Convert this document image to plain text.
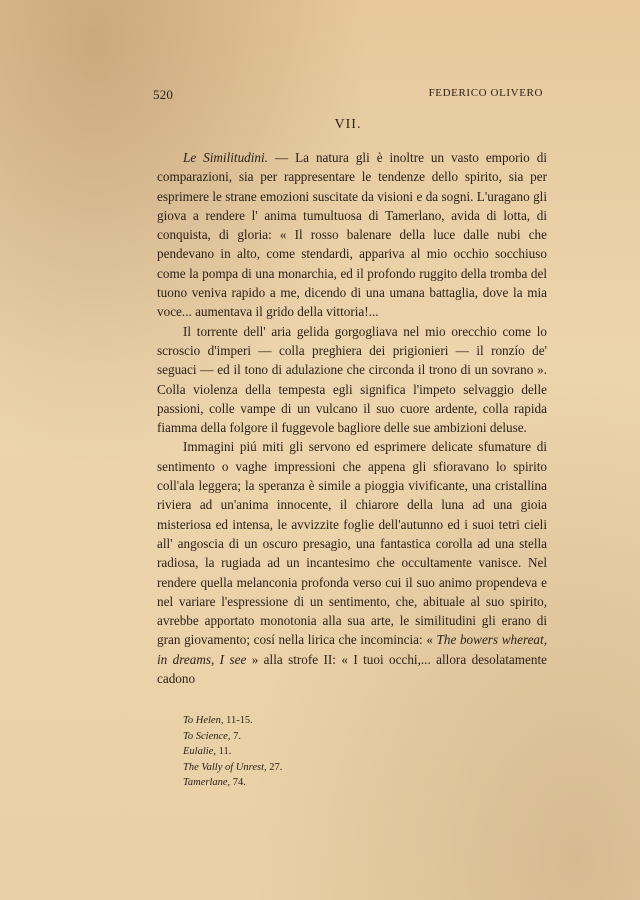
520	FEDERICO OLIVERO
VII.

Le Similitudini. — La natura gli è inoltre un vasto emporio di comparazioni, sia per rappresentare le tendenze dello spirito, sia per esprimere le strane emozioni suscitate da visioni e da sogni. L'uragano gli giova a rendere l' anima tumultuosa di Tamerlano, avida di lotta, di conquista, di gloria: « Il rosso balenare della luce dalle nubi che pendevano in alto, come stendardi, appariva al mio occhio socchiuso come la pompa di una monarchia, ed il profondo ruggito della tromba del tuono veniva rapido a me, dicendo di una umana battaglia, dove la mia voce... aumentava il grido della vittoria!...

Il torrente dell' aria gelida gorgogliava nel mio orecchio come lo scroscio d'imperi — colla preghiera dei prigionieri — il ronzío de' seguaci — ed il tono di adulazione che circonda il trono di un sovrano ». Colla violenza della tempesta egli significa l'impeto selvaggio delle passioni, colle vampe di un vulcano il suo cuore ardente, colla rapida fiamma della folgore il fuggevole bagliore delle sue ambizioni deluse.

Immagini piú miti gli servono ed esprimere delicate sfumature di sentimento o vaghe impressioni che appena gli sfioravano lo spirito coll'ala leggera; la speranza è simile a pioggia vivificante, una cristallina riviera ad un'anima innocente, il chiarore della luna ad una gioia misteriosa ed intensa, le avvizzite foglie dell'autunno ed i suoi tetri cieli all' angoscia di un oscuro presagio, una fantastica corolla ad una stella radiosa, la rugiada ad un incantesimo che occultamente vanisce. Nel rendere quella melanconia profonda verso cui il suo animo propendeva e nel variare l'espressione di un sentimento, che, abituale al suo spirito, avrebbe apportato monotonia alla sua arte, le similitudini gli erano di gran giovamento; cosí nella lirica che incomincia: « The bowers whereat, in dreams, I see » alla strofe II: « I tuoi occhi,... allora desolatamente cadono

To Helen, 11-15.
To Science, 7.
Eulalie, 11.
The Vally of Unrest, 27.
Tamerlane, 74.
